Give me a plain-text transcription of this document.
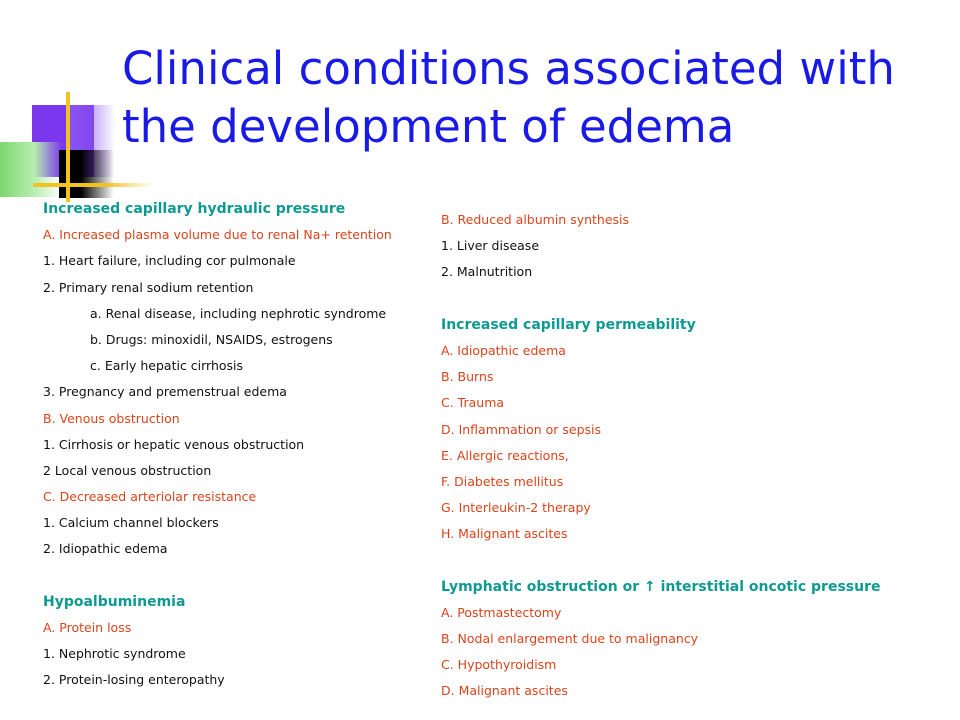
Clinical conditions associated with the development of edema
Increased capillary hydraulic pressure
A. Increased plasma volume due to renal Na+ retention
1. Heart failure, including cor pulmonale
2. Primary renal sodium retention
a. Renal disease, including nephrotic syndrome
b. Drugs: minoxidil, NSAIDS, estrogens
c. Early hepatic cirrhosis
3. Pregnancy and premenstrual edema
B. Venous obstruction
1. Cirrhosis or hepatic venous obstruction
2 Local venous obstruction
C. Decreased arteriolar resistance
1. Calcium channel blockers
2. Idiopathic edema
Hypoalbuminemia
A. Protein loss
1. Nephrotic syndrome
2. Protein-losing enteropathy
B. Reduced albumin synthesis
1. Liver disease
2. Malnutrition
Increased capillary permeability
A. Idiopathic edema
B. Burns
C. Trauma
D. Inflammation or sepsis
E. Allergic reactions,
F. Diabetes mellitus
G. Interleukin-2 therapy
H. Malignant ascites
Lymphatic obstruction or ↑ interstitial oncotic pressure
A. Postmastectomy
B. Nodal enlargement due to malignancy
C. Hypothyroidism
D. Malignant ascites
